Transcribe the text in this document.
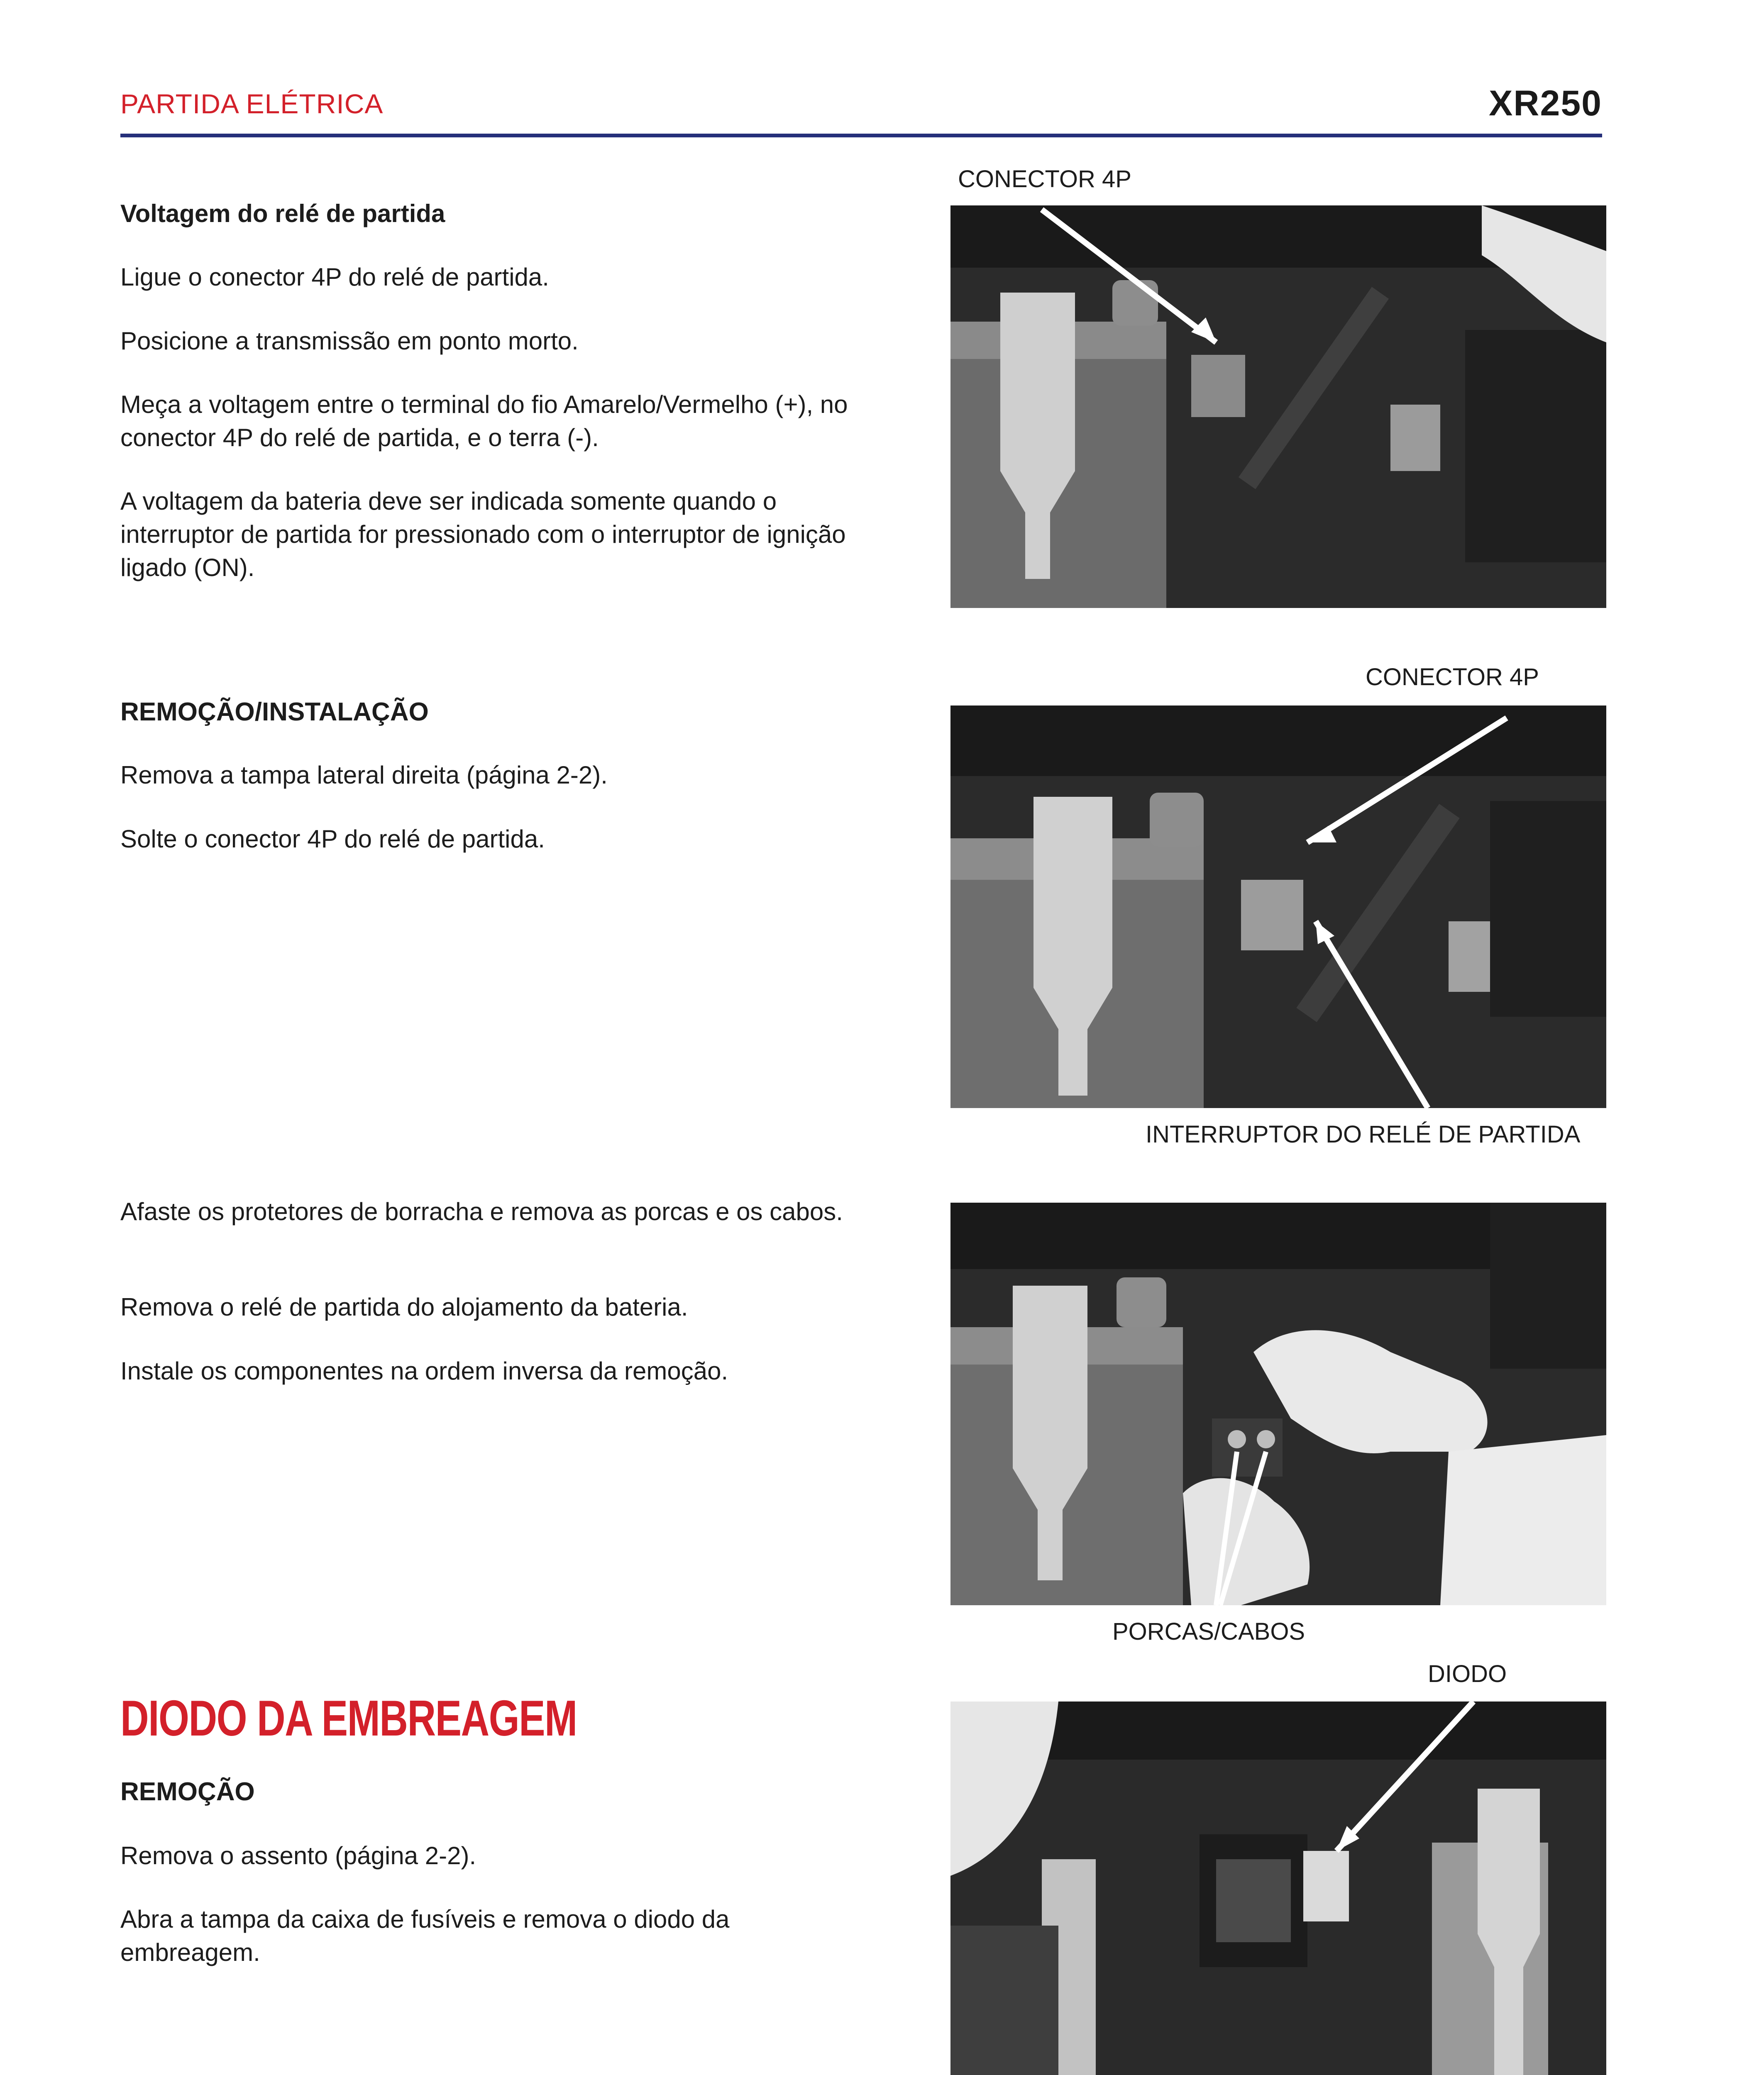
PARTIDA ELÉTRICA	XR250
Voltagem do relé de partida
Ligue o conector 4P do relé de partida.
Posicione a transmissão em ponto morto.
Meça a voltagem entre o terminal do fio Amarelo/Vermelho (+), no conector 4P do relé de partida, e o terra (-).
A voltagem da bateria deve ser indicada somente quando o interruptor de partida for pressionado com o interruptor de ignição ligado (ON).
REMOÇÃO/INSTALAÇÃO
Remova a tampa lateral direita (página 2-2).
Solte o conector 4P do relé de partida.
Afaste os protetores de borracha e remova as porcas e os cabos.
Remova o relé de partida do alojamento da bateria.
Instale os componentes na ordem inversa da remoção.
DIODO DA EMBREAGEM
REMOÇÃO
Remova o assento (página 2-2).
Abra a tampa da caixa de fusíveis e remova o diodo da embreagem.
CONECTOR 4P
CONECTOR 4P
INTERRUPTOR DO RELÉ DE PARTIDA
PORCAS/CABOS
DIODO
